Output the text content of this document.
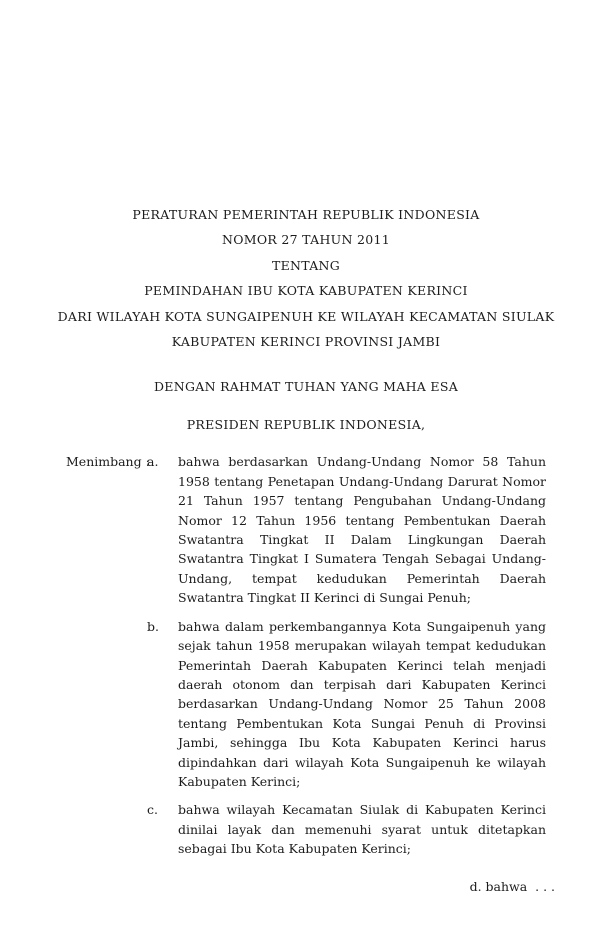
PERATURAN PEMERINTAH REPUBLIK INDONESIA
NOMOR 27 TAHUN 2011
TENTANG
PEMINDAHAN IBU KOTA KABUPATEN KERINCI
DARI WILAYAH KOTA SUNGAIPENUH KE WILAYAH KECAMATAN SIULAK
KABUPATEN KERINCI PROVINSI JAMBI
DENGAN RAHMAT TUHAN YANG MAHA ESA
PRESIDEN REPUBLIK INDONESIA,
Menimbang :
a.	bahwa berdasarkan Undang-Undang Nomor 58 Tahun 1958 tentang Penetapan Undang-Undang Darurat Nomor 21 Tahun 1957 tentang Pengubahan Undang-Undang Nomor 12 Tahun 1956 tentang Pembentukan Daerah Swatantra Tingkat II Dalam Lingkungan Daerah Swatantra Tingkat I Sumatera Tengah Sebagai Undang-Undang, tempat kedudukan Pemerintah Daerah Swatantra Tingkat II Kerinci di Sungai Penuh;
b.	bahwa dalam perkembangannya Kota Sungaipenuh yang sejak tahun 1958 merupakan wilayah tempat kedudukan Pemerintah Daerah Kabupaten Kerinci telah menjadi daerah otonom dan terpisah dari Kabupaten Kerinci berdasarkan Undang-Undang Nomor 25 Tahun 2008 tentang Pembentukan Kota Sungai Penuh di Provinsi Jambi, sehingga Ibu Kota Kabupaten Kerinci harus dipindahkan dari wilayah Kota Sungaipenuh ke wilayah Kabupaten Kerinci;
c.	bahwa wilayah Kecamatan Siulak di Kabupaten Kerinci dinilai layak dan memenuhi syarat untuk ditetapkan sebagai Ibu Kota Kabupaten Kerinci;
d. bahwa  . . .
